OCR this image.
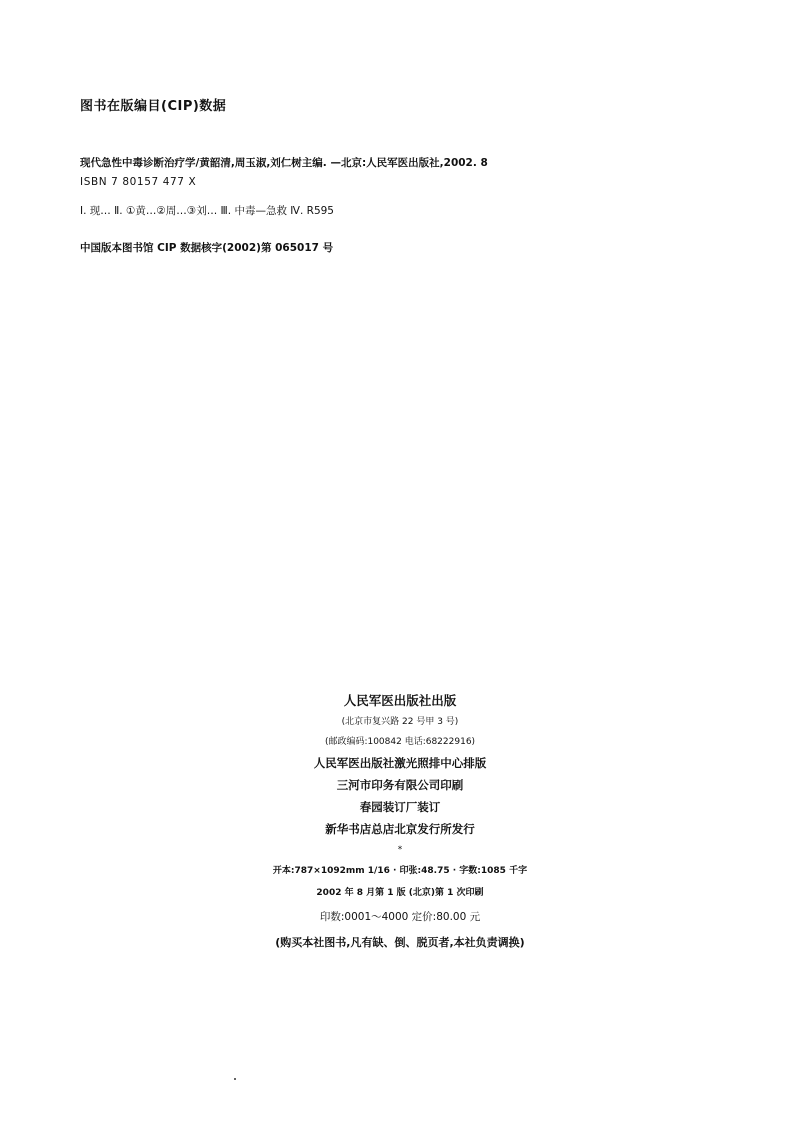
图书在版编目(CIP)数据

现代急性中毒诊断治疗学/黄韶清,周玉淑,刘仁树主编. —北京:人民军医出版社,2002. 8

ISBN 7 80157 477 X

Ⅰ. 现… Ⅱ. ①黄…②周…③刘… Ⅲ. 中毒—急救 Ⅳ. R595

中国版本图书馆 CIP 数据核字(2002)第 065017 号

人民军医出版社出版

(北京市复兴路 22 号甲 3 号)

(邮政编码:100842 电话:68222916)

人民军医出版社激光照排中心排版

三河市印务有限公司印刷

春园装订厂装订

新华书店总店北京发行所发行

*

开本:787×1092mm 1/16 · 印张:48.75 · 字数:1085 千字

2002 年 8 月第 1 版 (北京)第 1 次印刷

印数:0001～4000 定价:80.00 元

(购买本社图书,凡有缺、倒、脱页者,本社负责调换)
